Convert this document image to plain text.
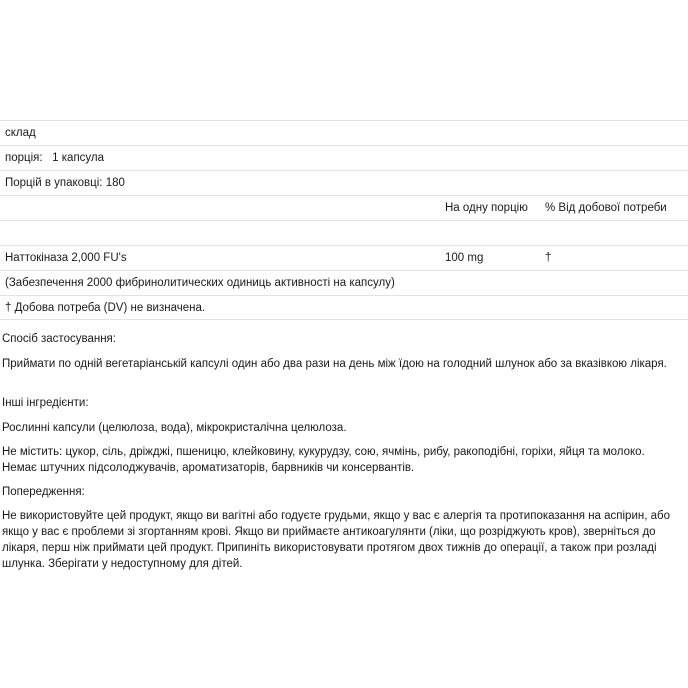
склад
порція:   1 капсула
Порцій в упаковці: 180
На одну порцію % Від добової потреби
Наттокіназа 2,000 FU's	100 mg	†
(Забезпечення 2000 фибринолитических одиниць активності на капсулу)
† Добова потреба (DV) не визначена.

Спосіб застосування:

Приймати по одній вегетаріанській капсулі один або два рази на день між їдою на голодний шлунок або за вказівкою лікаря.

Інші інгредієнти:

Рослинні капсули (целюлоза, вода), мікрокристалічна целюлоза.

Не містить: цукор, сіль, дріжджі, пшеницю, клейковину, кукурудзу, сою, ячмінь, рибу, ракоподібні, горіхи, яйця та молоко.

Немає штучних підсолоджувачів, ароматизаторів, барвників чи консервантів.

Попередження:

Не використовуйте цей продукт, якщо ви вагітні або годуєте грудьми, якщо у вас є алергія та протипоказання на аспірин, або якщо у вас є проблеми зі згортанням крові. Якщо ви приймаєте антикоагулянти (ліки, що розріджують кров), зверніться до лікаря, перш ніж приймати цей продукт. Припиніть використовувати протягом двох тижнів до операції, а також при розладі шлунка. Зберігати у недоступному для дітей.
